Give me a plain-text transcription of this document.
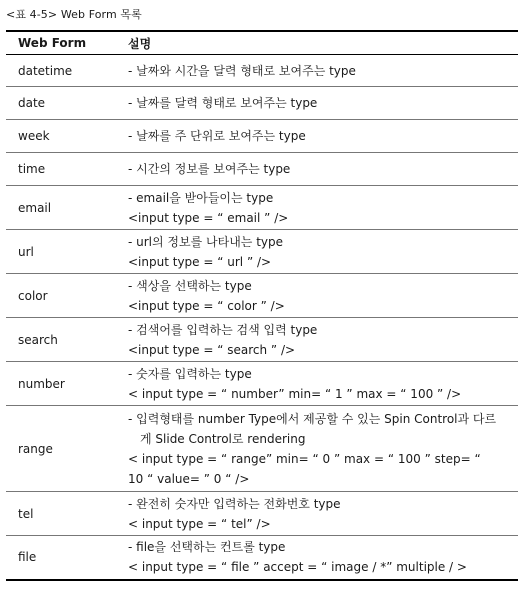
<표 4-5> Web Form 목록
Web Form	설명
datetime	- 날짜와 시간을 달력 형태로 보여주는 type

date	- 날짜를 달력 형태로 보여주는 type

week	- 날짜를 주 단위로 보여주는 type

time	- 시간의 정보를 보여주는 type

email	- email을 받아들이는 type
<input type = “ email ” />

url	- url의 정보를 나타내는 type
<input type = “ url ” />

color	- 색상을 선택하는 type
<input type = “ color ” />

search	- 검색어를 입력하는 검색 입력 type
<input type = “ search ” />

number	- 숫자를 입력하는 type
< input type = “ number” min= “ 1 ” max = “ 100 ” />

range	- 입력형태를 number Type에서 제공할 수 있는 Spin Control과 다르
게 Slide Control로 rendering
< input type = “ range” min= “ 0 ” max = “ 100 ” step= “
10 “ value= ” 0 “ />

tel	- 완전히 숫자만 입력하는 전화번호 type
< input type = “ tel” />

file	- file을 선택하는 컨트롤 type
< input type = “ file ” accept = “ image / *” multiple / >
